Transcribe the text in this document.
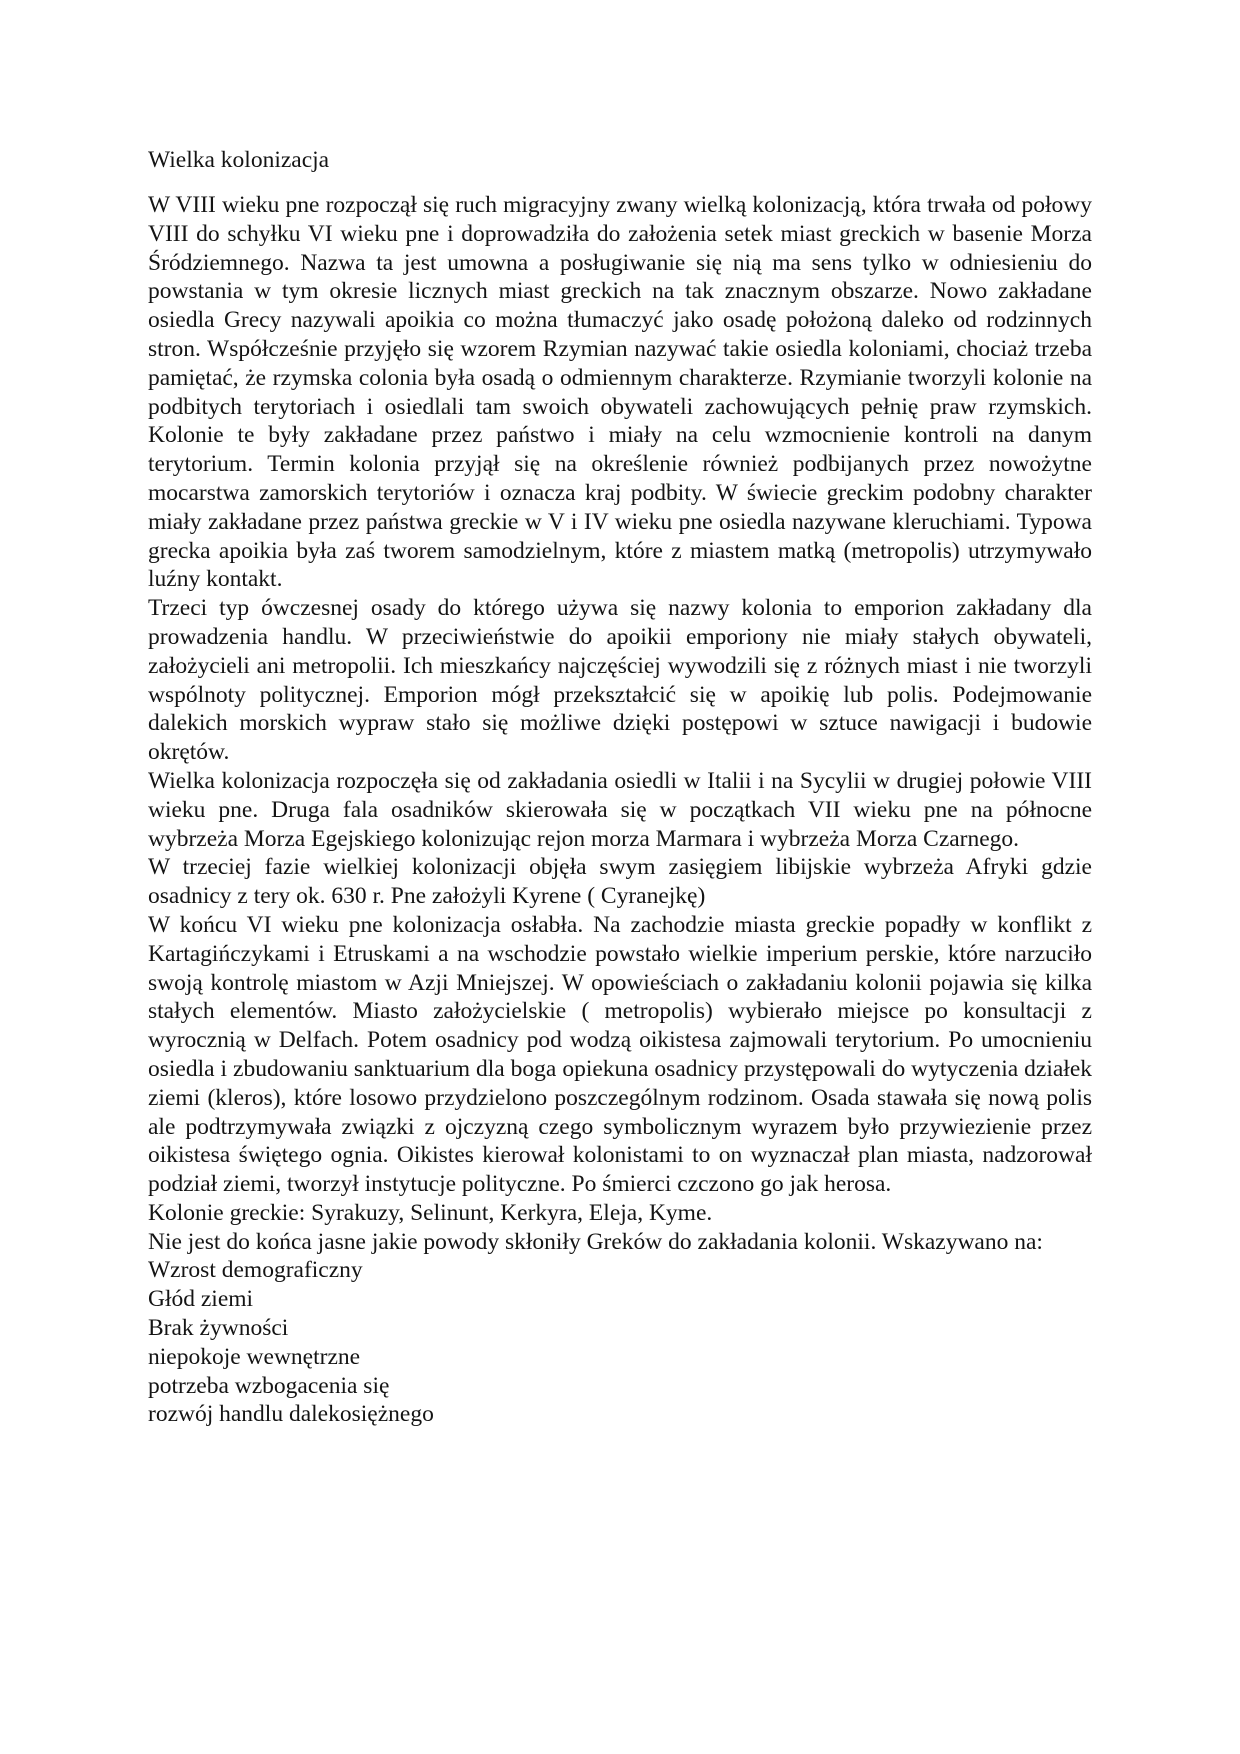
Wielka kolonizacja

W VIII wieku pne rozpoczął się ruch migracyjny zwany wielką kolonizacją, która trwała od połowy VIII do schyłku VI wieku pne i doprowadziła do założenia setek miast greckich w basenie Morza Śródziemnego. Nazwa ta jest umowna a posługiwanie się nią ma sens tylko w odniesieniu do powstania w tym okresie licznych miast greckich na tak znacznym obszarze. Nowo zakładane osiedla Grecy nazywali apoikia co można tłumaczyć jako osadę położoną daleko od rodzinnych stron. Współcześnie przyjęło się wzorem Rzymian nazywać takie osiedla koloniami, chociaż trzeba pamiętać, że rzymska colonia była osadą o odmiennym charakterze. Rzymianie tworzyli kolonie na podbitych terytoriach i osiedlali tam swoich obywateli zachowujących pełnię praw rzymskich. Kolonie te były zakładane przez państwo i miały na celu wzmocnienie kontroli na danym terytorium. Termin kolonia przyjął się na określenie również podbijanych przez nowożytne mocarstwa zamorskich terytoriów i oznacza kraj podbity. W świecie greckim podobny charakter miały zakładane przez państwa greckie w V i IV wieku pne osiedla nazywane kleruchiami. Typowa grecka apoikia była zaś tworem samodzielnym, które z miastem matką (metropolis) utrzymywało luźny kontakt.

Trzeci typ ówczesnej osady do którego używa się nazwy kolonia to emporion zakładany dla prowadzenia handlu. W przeciwieństwie do apoikii emporiony nie miały stałych obywateli, założycieli ani metropolii. Ich mieszkańcy najczęściej wywodzili się z różnych miast i nie tworzyli wspólnoty politycznej. Emporion mógł przekształcić się w apoikię lub polis. Podejmowanie dalekich morskich wypraw stało się możliwe dzięki postępowi w sztuce nawigacji i budowie okrętów.

Wielka kolonizacja rozpoczęła się od zakładania osiedli w Italii i na Sycylii w drugiej połowie VIII wieku pne. Druga fala osadników skierowała się w początkach VII wieku pne na północne wybrzeża Morza Egejskiego kolonizując rejon morza Marmara i wybrzeża Morza Czarnego.

W trzeciej fazie wielkiej kolonizacji objęła swym zasięgiem libijskie wybrzeża Afryki gdzie osadnicy z tery ok. 630 r. Pne założyli Kyrene ( Cyranejkę)

W końcu VI wieku pne kolonizacja osłabła. Na zachodzie miasta greckie popadły w konflikt z Kartagińczykami i Etruskami a na wschodzie powstało wielkie imperium perskie, które narzuciło swoją kontrolę miastom w Azji Mniejszej. W opowieściach o zakładaniu kolonii pojawia się kilka stałych elementów. Miasto założycielskie ( metropolis) wybierało miejsce po konsultacji z wyrocznią w Delfach. Potem osadnicy pod wodzą oikistesa zajmowali terytorium. Po umocnieniu osiedla i zbudowaniu sanktuarium dla boga opiekuna osadnicy przystępowali do wytyczenia działek ziemi (kleros), które losowo przydzielono poszczególnym rodzinom. Osada stawała się nową polis ale podtrzymywała związki z ojczyzną czego symbolicznym wyrazem było przywiezienie przez oikistesa świętego ognia. Oikistes kierował kolonistami to on wyznaczał plan miasta, nadzorował podział ziemi, tworzył instytucje polityczne. Po śmierci czczono go jak herosa.

Kolonie greckie: Syrakuzy, Selinunt, Kerkyra, Eleja, Kyme.

Nie jest do końca jasne jakie powody skłoniły Greków do zakładania kolonii. Wskazywano na:

Wzrost demograficzny
Głód ziemi
Brak żywności
niepokoje wewnętrzne
potrzeba wzbogacenia się
rozwój handlu dalekosiężnego
